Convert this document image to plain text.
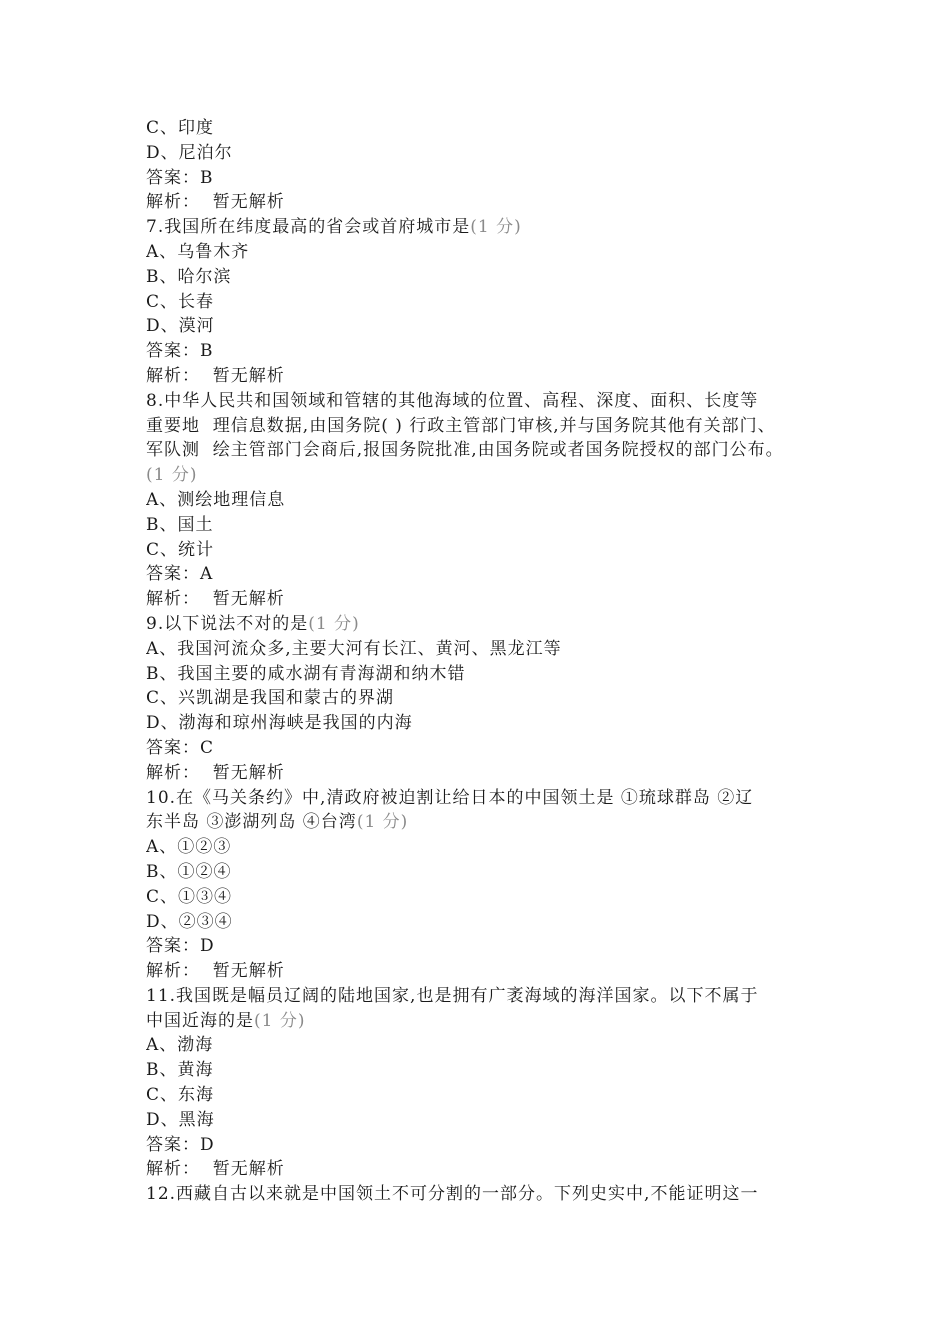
C、印度
D、尼泊尔
答案：B
解析：  暂无解析
7.我国所在纬度最高的省会或首府城市是(1 分)
A、乌鲁木齐
B、哈尔滨
C、长春
D、漠河
答案：B
解析：  暂无解析
8.中华人民共和国领域和管辖的其他海域的位置、高程、深度、面积、长度等
重要地  理信息数据,由国务院( ) 行政主管部门审核,并与国务院其他有关部门、
军队测  绘主管部门会商后,报国务院批准,由国务院或者国务院授权的部门公布。
(1 分)
A、测绘地理信息
B、国土
C、统计
答案：A
解析：  暂无解析
9.以下说法不对的是(1 分)
A、我国河流众多,主要大河有长江、黄河、黑龙江等
B、我国主要的咸水湖有青海湖和纳木错
C、兴凯湖是我国和蒙古的界湖
D、渤海和琼州海峡是我国的内海
答案：C
解析：  暂无解析
10.在《马关条约》中,清政府被迫割让给日本的中国领土是 ①琉球群岛 ②辽
东半岛 ③澎湖列岛 ④台湾(1 分)
A、①②③
B、①②④
C、①③④
D、②③④
答案：D
解析：  暂无解析
11.我国既是幅员辽阔的陆地国家,也是拥有广袤海域的海洋国家。以下不属于
中国近海的是(1 分)
A、渤海
B、黄海
C、东海
D、黑海
答案：D
解析：  暂无解析
12.西藏自古以来就是中国领土不可分割的一部分。下列史实中,不能证明这一
